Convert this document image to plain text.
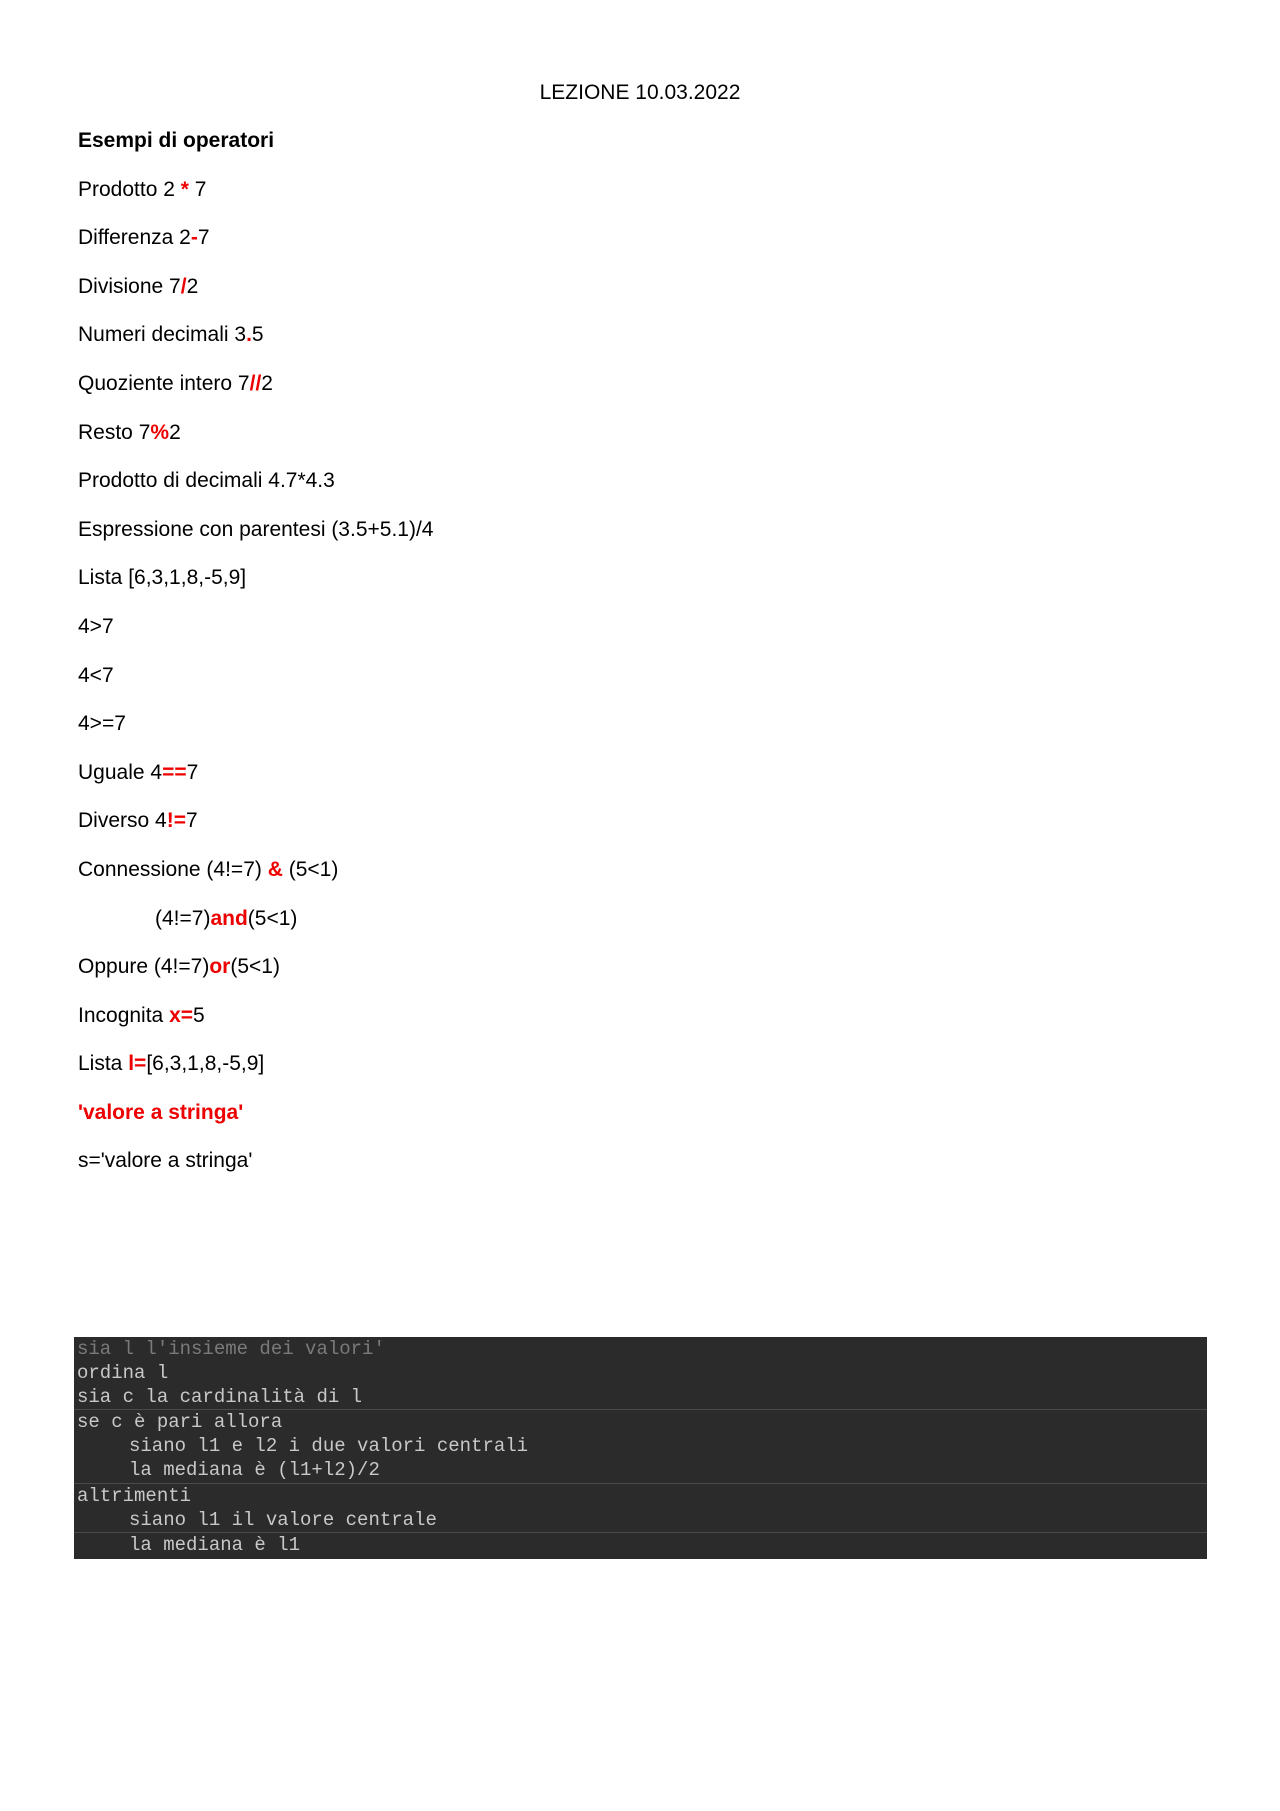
LEZIONE 10.03.2022
Esempi di operatori
Prodotto 2 * 7
Differenza 2-7
Divisione 7/2
Numeri decimali 3.5
Quoziente intero 7//2
Resto 7%2
Prodotto di decimali 4.7*4.3
Espressione con parentesi (3.5+5.1)/4
Lista [6,3,1,8,-5,9]
4>7
4<7
4>=7
Uguale 4==7
Diverso 4!=7
Connessione (4!=7) & (5<1)
(4!=7)and(5<1)
Oppure (4!=7)or(5<1)
Incognita x=5
Lista l=[6,3,1,8,-5,9]
'valore a stringa'
s='valore a stringa'
sia l l'insieme dei valori'
ordina l
sia c la cardinalità di l
se c è pari allora
siano l1 e l2 i due valori centrali
la mediana è (l1+l2)/2
altrimenti
siano l1 il valore centrale
la mediana è l1
